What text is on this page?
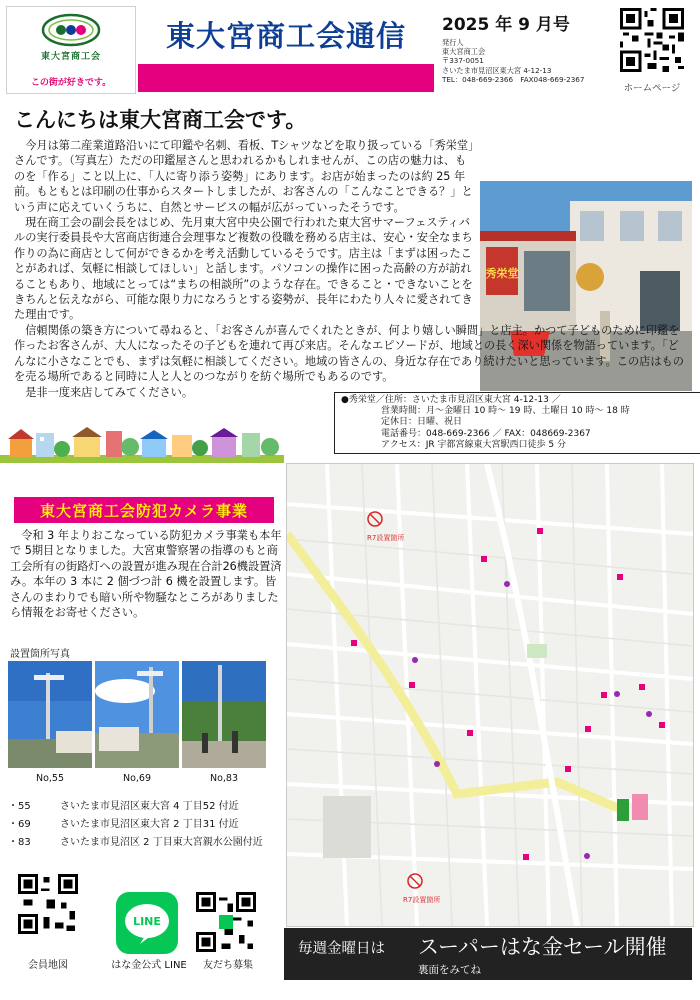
東大宮商工会
この街が好きです。
東大宮商工会通信	2025 年 9 月号
発行人
東大宮商工会
〒337-0051
さいたま市見沼区東大宮 4-12-13
TEL：048-669-2366　FAX048-669-2367
ホームページ
こんにちは東大宮商工会です。
秀栄堂

今月は第二産業道路沿いにて印鑑や名刺、看板、Tシャツなどを取り扱っている「秀栄堂」さんです。（写真左）ただの印鑑屋さんと思われるかもしれませんが、この店の魅力は、ものを「作る」こと以上に、「人に寄り添う姿勢」にあります。お店が始まったのは約 25 年前。もともとは印刷の仕事からスタートしましたが、お客さんの「こんなことできる？」という声に応えていくうちに、自然とサービスの幅が広がっていったそうです。

現在商工会の副会長をはじめ、先月東大宮中央公園で行われた東大宮サマーフェスティバルの実行委員長や大宮商店街連合会理事など複数の役職を務める店主は、安心・安全なまち作りの為に商店として何ができるかを考え活動しているそうです。店主は「まずは困ったことがあれば、気軽に相談してほしい」と話します。パソコンの操作に困った高齢の方が訪れることもあり、地域にとっては“まちの相談所”のような存在。できること・できないことをきちんと伝えながら、可能な限り力になろうとする姿勢が、長年にわたり人々に愛されてきた理由です。

信頼関係の築き方について尋ねると、「お客さんが喜んでくれたときが、何より嬉しい瞬間」と店主。かつて子どものために印鑑を作ったお客さんが、大人になったその子どもを連れて再び来店。そんなエピソードが、地域との長く深い関係を物語っています。「どんなに小さなことでも、まずは気軽に相談してください。地域の皆さんの、身近な存在であり続けたいと思っています。この店はものを売る場所であると同時に人と人とのつながりを紡ぐ場所でもあるのです。

是非一度来店してみてください。

●秀栄堂／住所：さいたま市見沼区東大宮 4-12-13 ／
営業時間：月～金曜日 10 時～ 19 時、土曜日 10 時～ 18 時
定休日：日曜、祝日
電話番号：048-669-2366 ／ FAX：048669-2367
アクセス：JR 宇都宮線東大宮駅西口徒歩 5 分
東大宮商工会防犯カメラ事業

令和 3 年よりおこなっている防犯カメラ事業も本年で 5期目となりました。大宮東警察署の指導のもと商工会所有の街路灯への設置が進み現在合計26機設置済み。本年の 3 本に 2 個づつ計 6 機を設置します。皆さんのまわりでも暗い所や物騒なところがありましたら情報をお寄せください。

設置箇所写真
No,55	No,69	No,83
・55	さいたま市見沼区東大宮 4 丁目52 付近
・69	さいたま市見沼区東大宮 2 丁目31 付近
・83	さいたま市見沼区 2 丁目東大宮親水公園付近
R7設置箇所
R7設置箇所
会員地図
LINE
はな金公式 LINE	友だち募集
毎週金曜日は スーパーはな金セール開催
裏面をみてね
